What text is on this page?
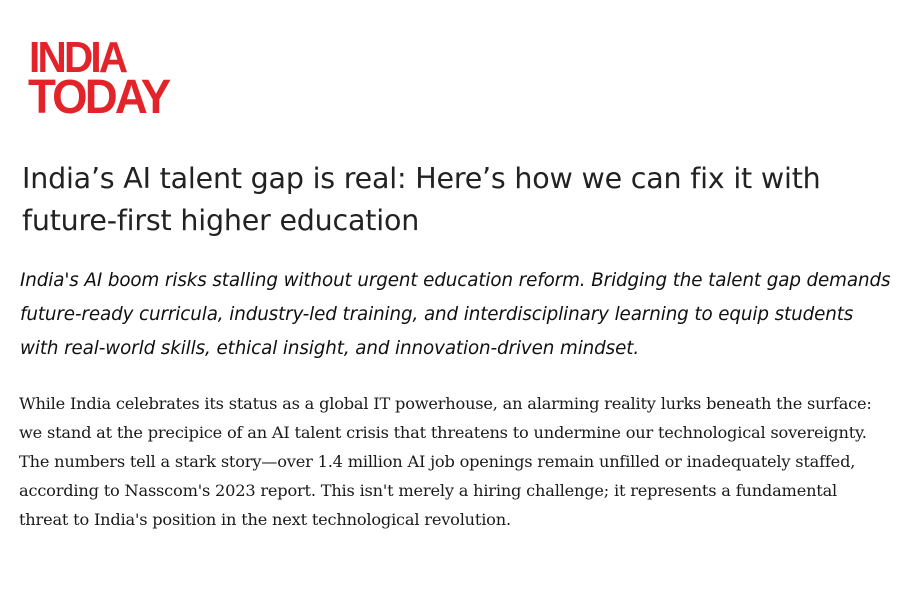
INDIA
TODAY
India’s AI talent gap is real: Here’s how we can fix it with future-first higher education

India's AI boom risks stalling without urgent education reform. Bridging the talent gap demands future-ready curricula, industry-led training, and interdisciplinary learning to equip students with real-world skills, ethical insight, and innovation-driven mindset.

While India celebrates its status as a global IT powerhouse, an alarming reality lurks beneath the surface: we stand at the precipice of an AI talent crisis that threatens to undermine our technological sovereignty. The numbers tell a stark story—over 1.4 million AI job openings remain unfilled or inadequately staffed, according to Nasscom's 2023 report. This isn't merely a hiring challenge; it represents a fundamental threat to India's position in the next technological revolution.
